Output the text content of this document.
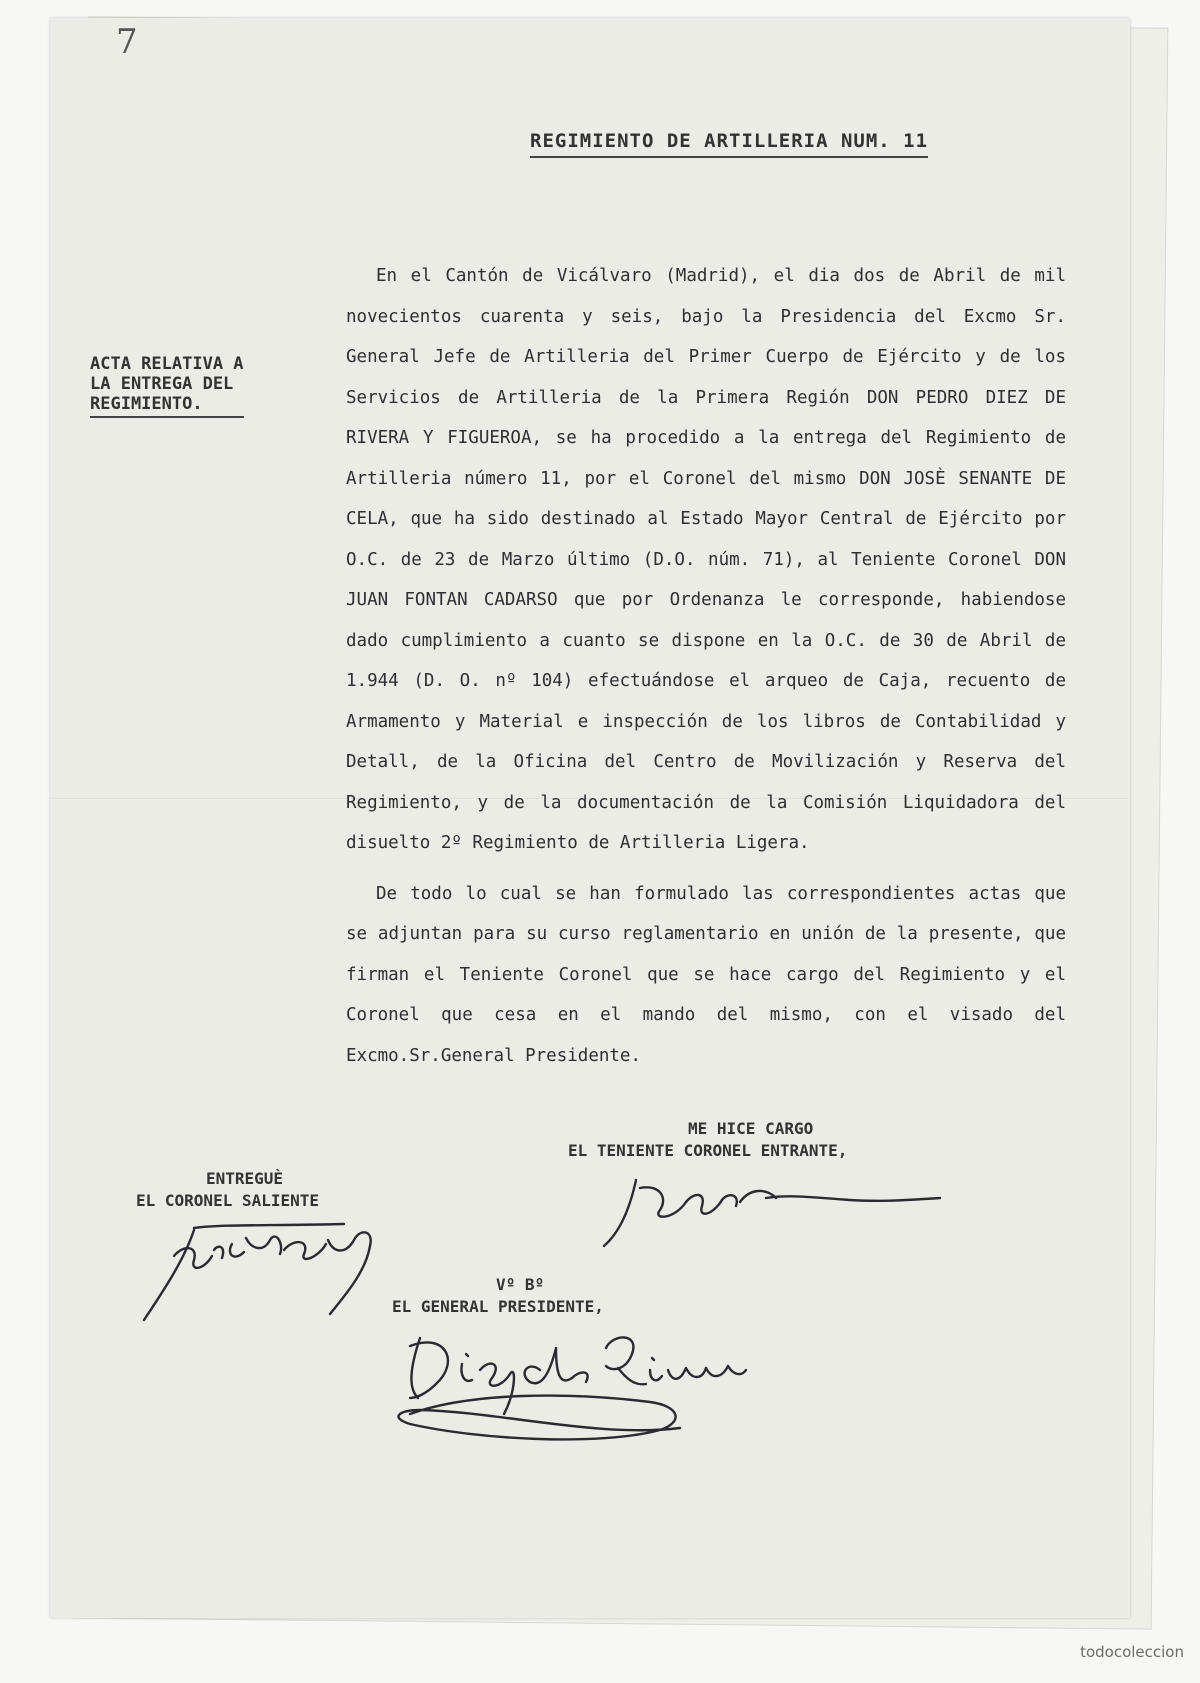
7
REGIMIENTO DE ARTILLERIA NUM. 11
ACTA RELATIVA A
LA ENTREGA DEL
REGIMIENTO.

En el Cantón de Vicálvaro (Madrid), el dia dos de Abril de mil novecientos cuarenta y seis, bajo la Presidencia del Excmo Sr. General Jefe de Artilleria del Primer Cuerpo de Ejército y de los Servicios de Artilleria de la Primera Región DON PEDRO DIEZ DE RIVERA Y FIGUEROA, se ha procedido a la entrega del Regimiento de Artilleria número 11, por el Coronel del mismo DON JOSÈ SENANTE DE CELA, que ha sido destinado al Estado Mayor Central de Ejército por O.C. de 23 de Marzo último (D.O. núm. 71), al Teniente Coronel DON JUAN FONTAN CADARSO que por Ordenanza le corresponde, habiendose dado cumplimiento a cuanto se dispone en la O.C. de 30 de Abril de 1.944 (D. O. nº 104) efectuándose el arqueo de Caja, recuento de Armamento y Material e inspección de los libros de Contabilidad y Detall, de la Oficina del Centro de Movilización y Reserva del Regimiento, y de la documentación de la Comisión Liquidadora del disuelto 2º Regimiento de Artilleria Ligera.

De todo lo cual se han formulado las correspondientes actas que se adjuntan para su curso reglamentario en unión de la presente, que firman el Teniente Coronel que se hace cargo del Regimiento y el Coronel que cesa en el mando del mismo, con el visado del Excmo.Sr.General Presidente.

ME HICE CARGO
EL TENIENTE CORONEL ENTRANTE,
ENTREGUÈ
EL CORONEL SALIENTE
Vº Bº
EL GENERAL PRESIDENTE,
todocoleccion
